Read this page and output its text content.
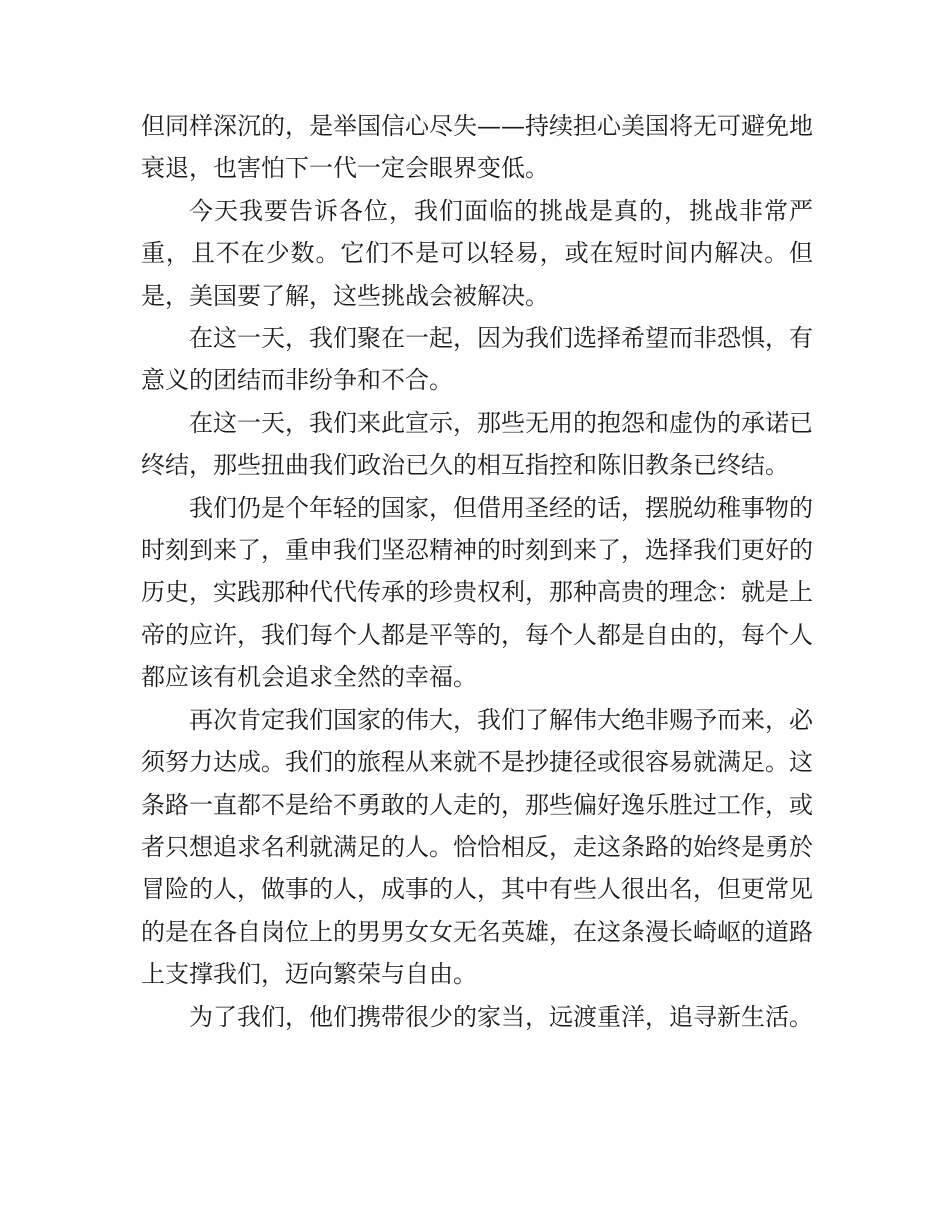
但同样深沉的，是举国信心尽失——持续担心美国将无可避免地衰退，也害怕下一代一定会眼界变低。

今天我要告诉各位，我们面临的挑战是真的，挑战非常严重，且不在少数。它们不是可以轻易，或在短时间内解决。但是，美国要了解，这些挑战会被解决。

在这一天，我们聚在一起，因为我们选择希望而非恐惧，有意义的团结而非纷争和不合。

在这一天，我们来此宣示，那些无用的抱怨和虚伪的承诺已终结，那些扭曲我们政治已久的相互指控和陈旧教条已终结。

我们仍是个年轻的国家，但借用圣经的话，摆脱幼稚事物的时刻到来了，重申我们坚忍精神的时刻到来了，选择我们更好的历史，实践那种代代传承的珍贵权利，那种高贵的理念：就是上帝的应许，我们每个人都是平等的，每个人都是自由的，每个人都应该有机会追求全然的幸福。

再次肯定我们国家的伟大，我们了解伟大绝非赐予而来，必须努力达成。我们的旅程从来就不是抄捷径或很容易就满足。这条路一直都不是给不勇敢的人走的，那些偏好逸乐胜过工作，或者只想追求名利就满足的人。恰恰相反，走这条路的始终是勇於冒险的人，做事的人，成事的人，其中有些人很出名，但更常见的是在各自岗位上的男男女女无名英雄，在这条漫长崎岖的道路上支撑我们，迈向繁荣与自由。

为了我们，他们携带很少的家当，远渡重洋，追寻新生活。
